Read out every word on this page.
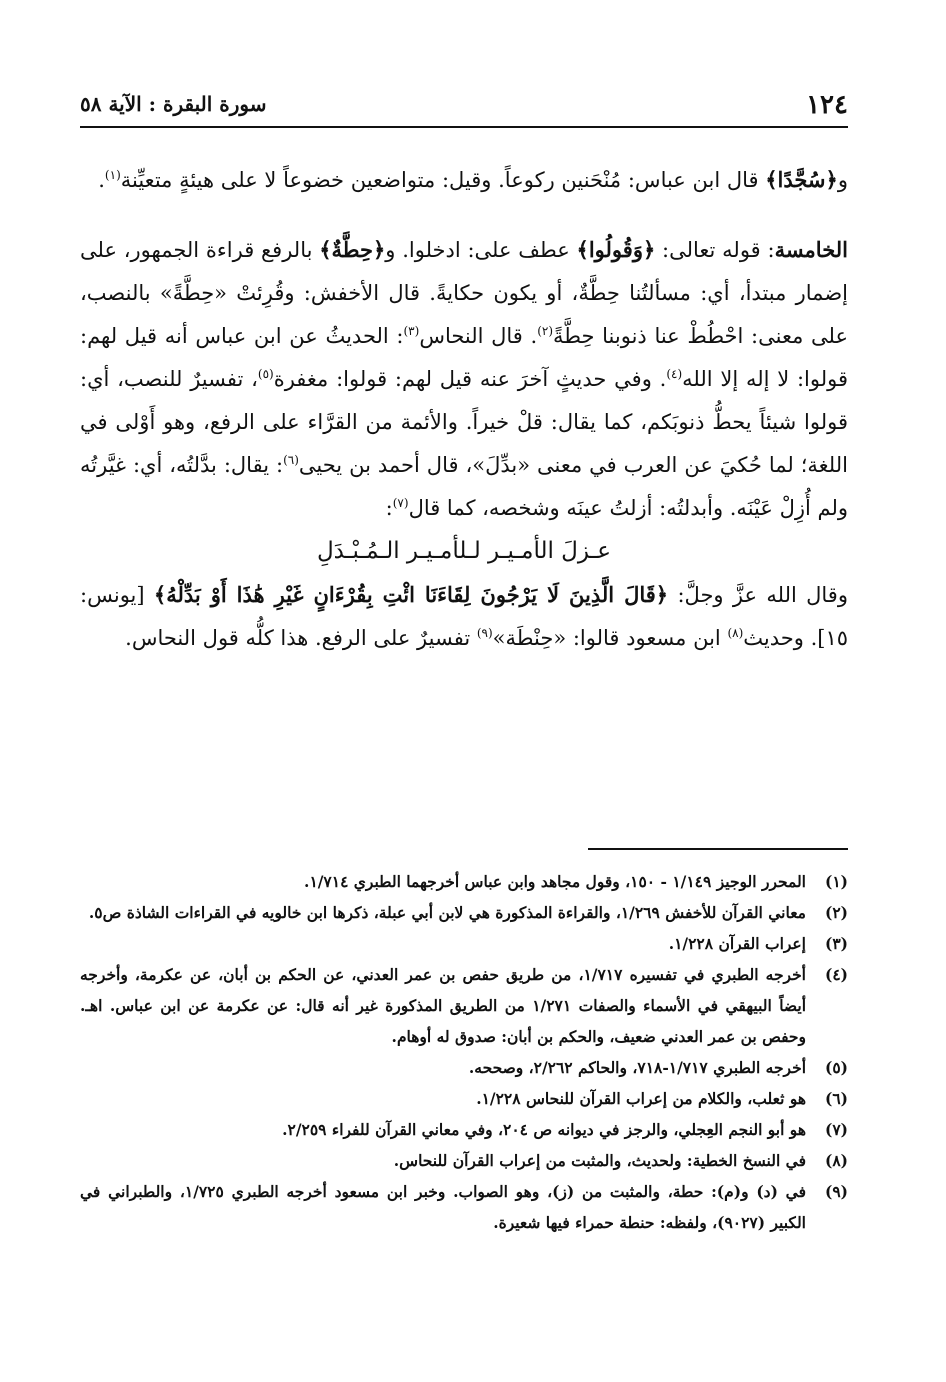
١٢٤
سورة البقرة : الآية ٥٨

و﴿سُجَّدًا﴾ قال ابن عباس: مُنْحَنين ركوعاً. وقيل: متواضعين خضوعاً لا على هيئةٍ متعيِّنة$^{(١)}$.

الخامسة: قوله تعالى: ﴿وَقُولُوا﴾ عطف على: ادخلوا. و﴿حِطَّةٌ﴾ بالرفع قراءة الجمهور، على إضمار مبتدأ، أي: مسألتُنا حِطَّةٌ، أو يكون حكايةً. قال الأخفش: وقُرِئتْ «حِطَّةً» بالنصب، على معنى: احْطُطْ عنا ذنوبنا حِطَّةً$^{(٢)}$. قال النحاس$^{(٣)}$: الحديثُ عن ابن عباس أنه قيل لهم: قولوا: لا إله إلا الله$^{(٤)}$. وفي حديثٍ آخرَ عنه قيل لهم: قولوا: مغفرة$^{(٥)}$، تفسيرٌ للنصب، أي: قولوا شيئاً يحطُّ ذنوبَكم، كما يقال: قلْ خيراً. والأئمة من القرَّاء على الرفع، وهو أَوْلى في اللغة؛ لما حُكيَ عن العرب في معنى «بدِّلَ»، قال أحمد بن يحيى$^{(٦)}$: يقال: بدَّلتُه، أي: غيَّرتُه ولم أُزِلْ عَيْنَه. وأبدلتُه: أزلتُ عينَه وشخصه، كما قال$^{(٧)}$:

عـزلَ الأمـيـر لـلأمـيـر الـمُـبْـدَلِ

وقال الله عزَّ وجلَّ: ﴿قَالَ الَّذِينَ لَا يَرْجُونَ لِقَاءَنَا ائْتِ بِقُرْءَانٍ غَيْرِ هَٰذَا أَوْ بَدِّلْهُ﴾ [يونس: ١٥]. وحديث$^{(٨)}$ ابن مسعود قالوا: «حِنْطَة»$^{(٩)}$ تفسيرٌ على الرفع. هذا كلُّه قول النحاس.

(١)
المحرر الوجيز ١/١٤٩ - ١٥٠، وقول مجاهد وابن عباس أخرجهما الطبري ١/٧١٤.
(٢)
معاني القرآن للأخفش ١/٢٦٩، والقراءة المذكورة هي لابن أبي عبلة، ذكرها ابن خالويه في القراءات الشاذة ص٥.
(٣)
إعراب القرآن ١/٢٢٨.
(٤)
أخرجه الطبري في تفسيره ١/٧١٧، من طريق حفص بن عمر العدني، عن الحكم بن أبان، عن عكرمة، وأخرجه أيضاً البيهقي في الأسماء والصفات ١/٢٧١ من الطريق المذكورة غير أنه قال: عن عكرمة عن ابن عباس. اهـ. وحفص بن عمر العدني ضعيف، والحكم بن أبان: صدوق له أوهام.
(٥)
أخرجه الطبري ١/٧١٧-٧١٨، والحاكم ٢/٢٦٢، وصححه.
(٦)
هو ثعلب، والكلام من إعراب القرآن للنحاس ١/٢٢٨.
(٧)
هو أبو النجم العِجلي، والرجز في ديوانه ص ٢٠٤، وفي معاني القرآن للفراء ٢/٢٥٩.
(٨)
في النسخ الخطية: ولحديث، والمثبت من إعراب القرآن للنحاس.
(٩)
في (د) و(م): حطة، والمثبت من (ز)، وهو الصواب. وخبر ابن مسعود أخرجه الطبري ١/٧٢٥، والطبراني في الكبير (٩٠٢٧)، ولفظه: حنطة حمراء فيها شعيرة.
